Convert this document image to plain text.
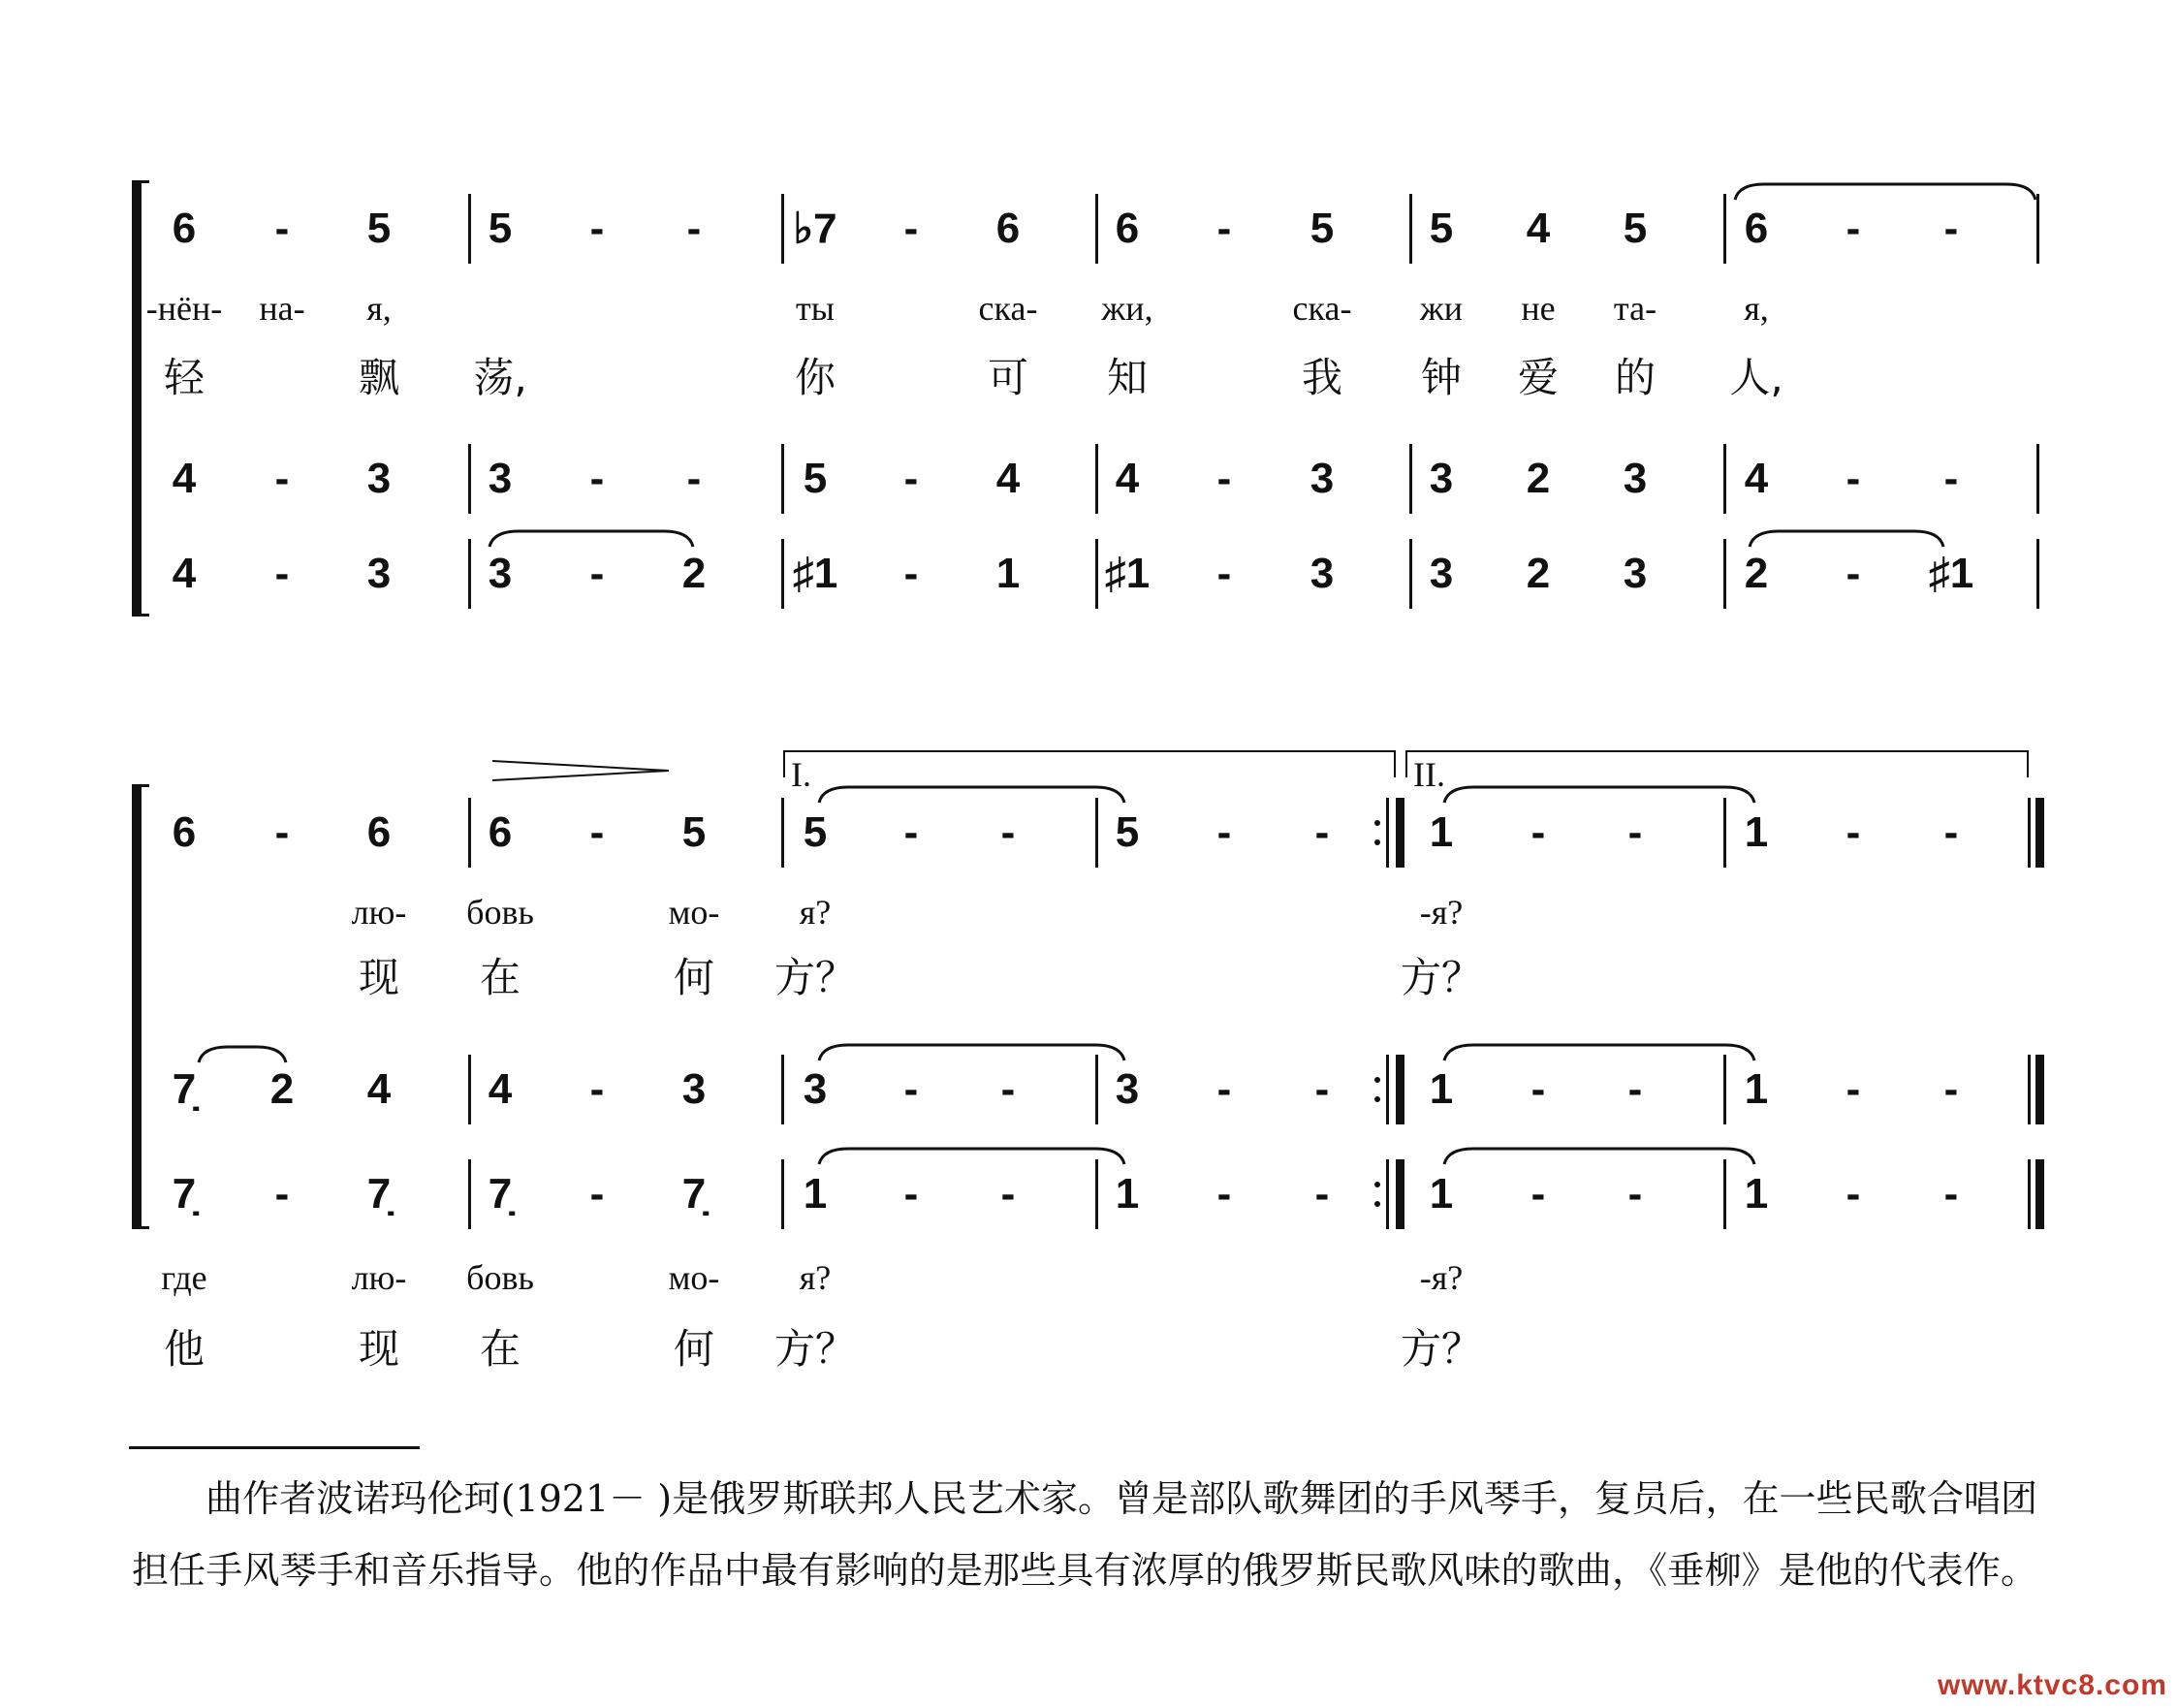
6 - 5 5 - - ♭7 - 6 6 - 5 5 4 5 6 - -
-нён- на- я,	ты	ска- жи,	ска- жи не та-	я,
轻	飘 荡,	你	可 知	我 钟 爱 的 人,
4 - 3 3 - - 5 - 4 4 - 3 3 2 3 4 - -
4 - 3 3 - 2 ♯1 - 1 ♯1 - 3 3 2 3 2 - ♯1
6 - 6 6 - 5 5 - - 5 - - 1 - - 1 - -
лю- бовь	мо- я?	-я?
现 在	何 方？	方？
7̣ 2 4 4 - 3 3 - - 3 - - 1 - - 1 - -
7̣ - 7̣ 7̣ - 7̣ 1 - - 1 - - 1 - - 1 - -
где	лю- бовь	мо- я?	-я?
他	现 在	何 方？	方？
I.	II.
曲作者波诺玛伦珂(1921－ )是俄罗斯联邦人民艺术家。曾是部队歌舞团的手风琴手，复员后，在一些民歌合唱团
担任手风琴手和音乐指导。他的作品中最有影响的是那些具有浓厚的俄罗斯民歌风味的歌曲，《垂柳》是他的代表作。
www.ktvc8.com
